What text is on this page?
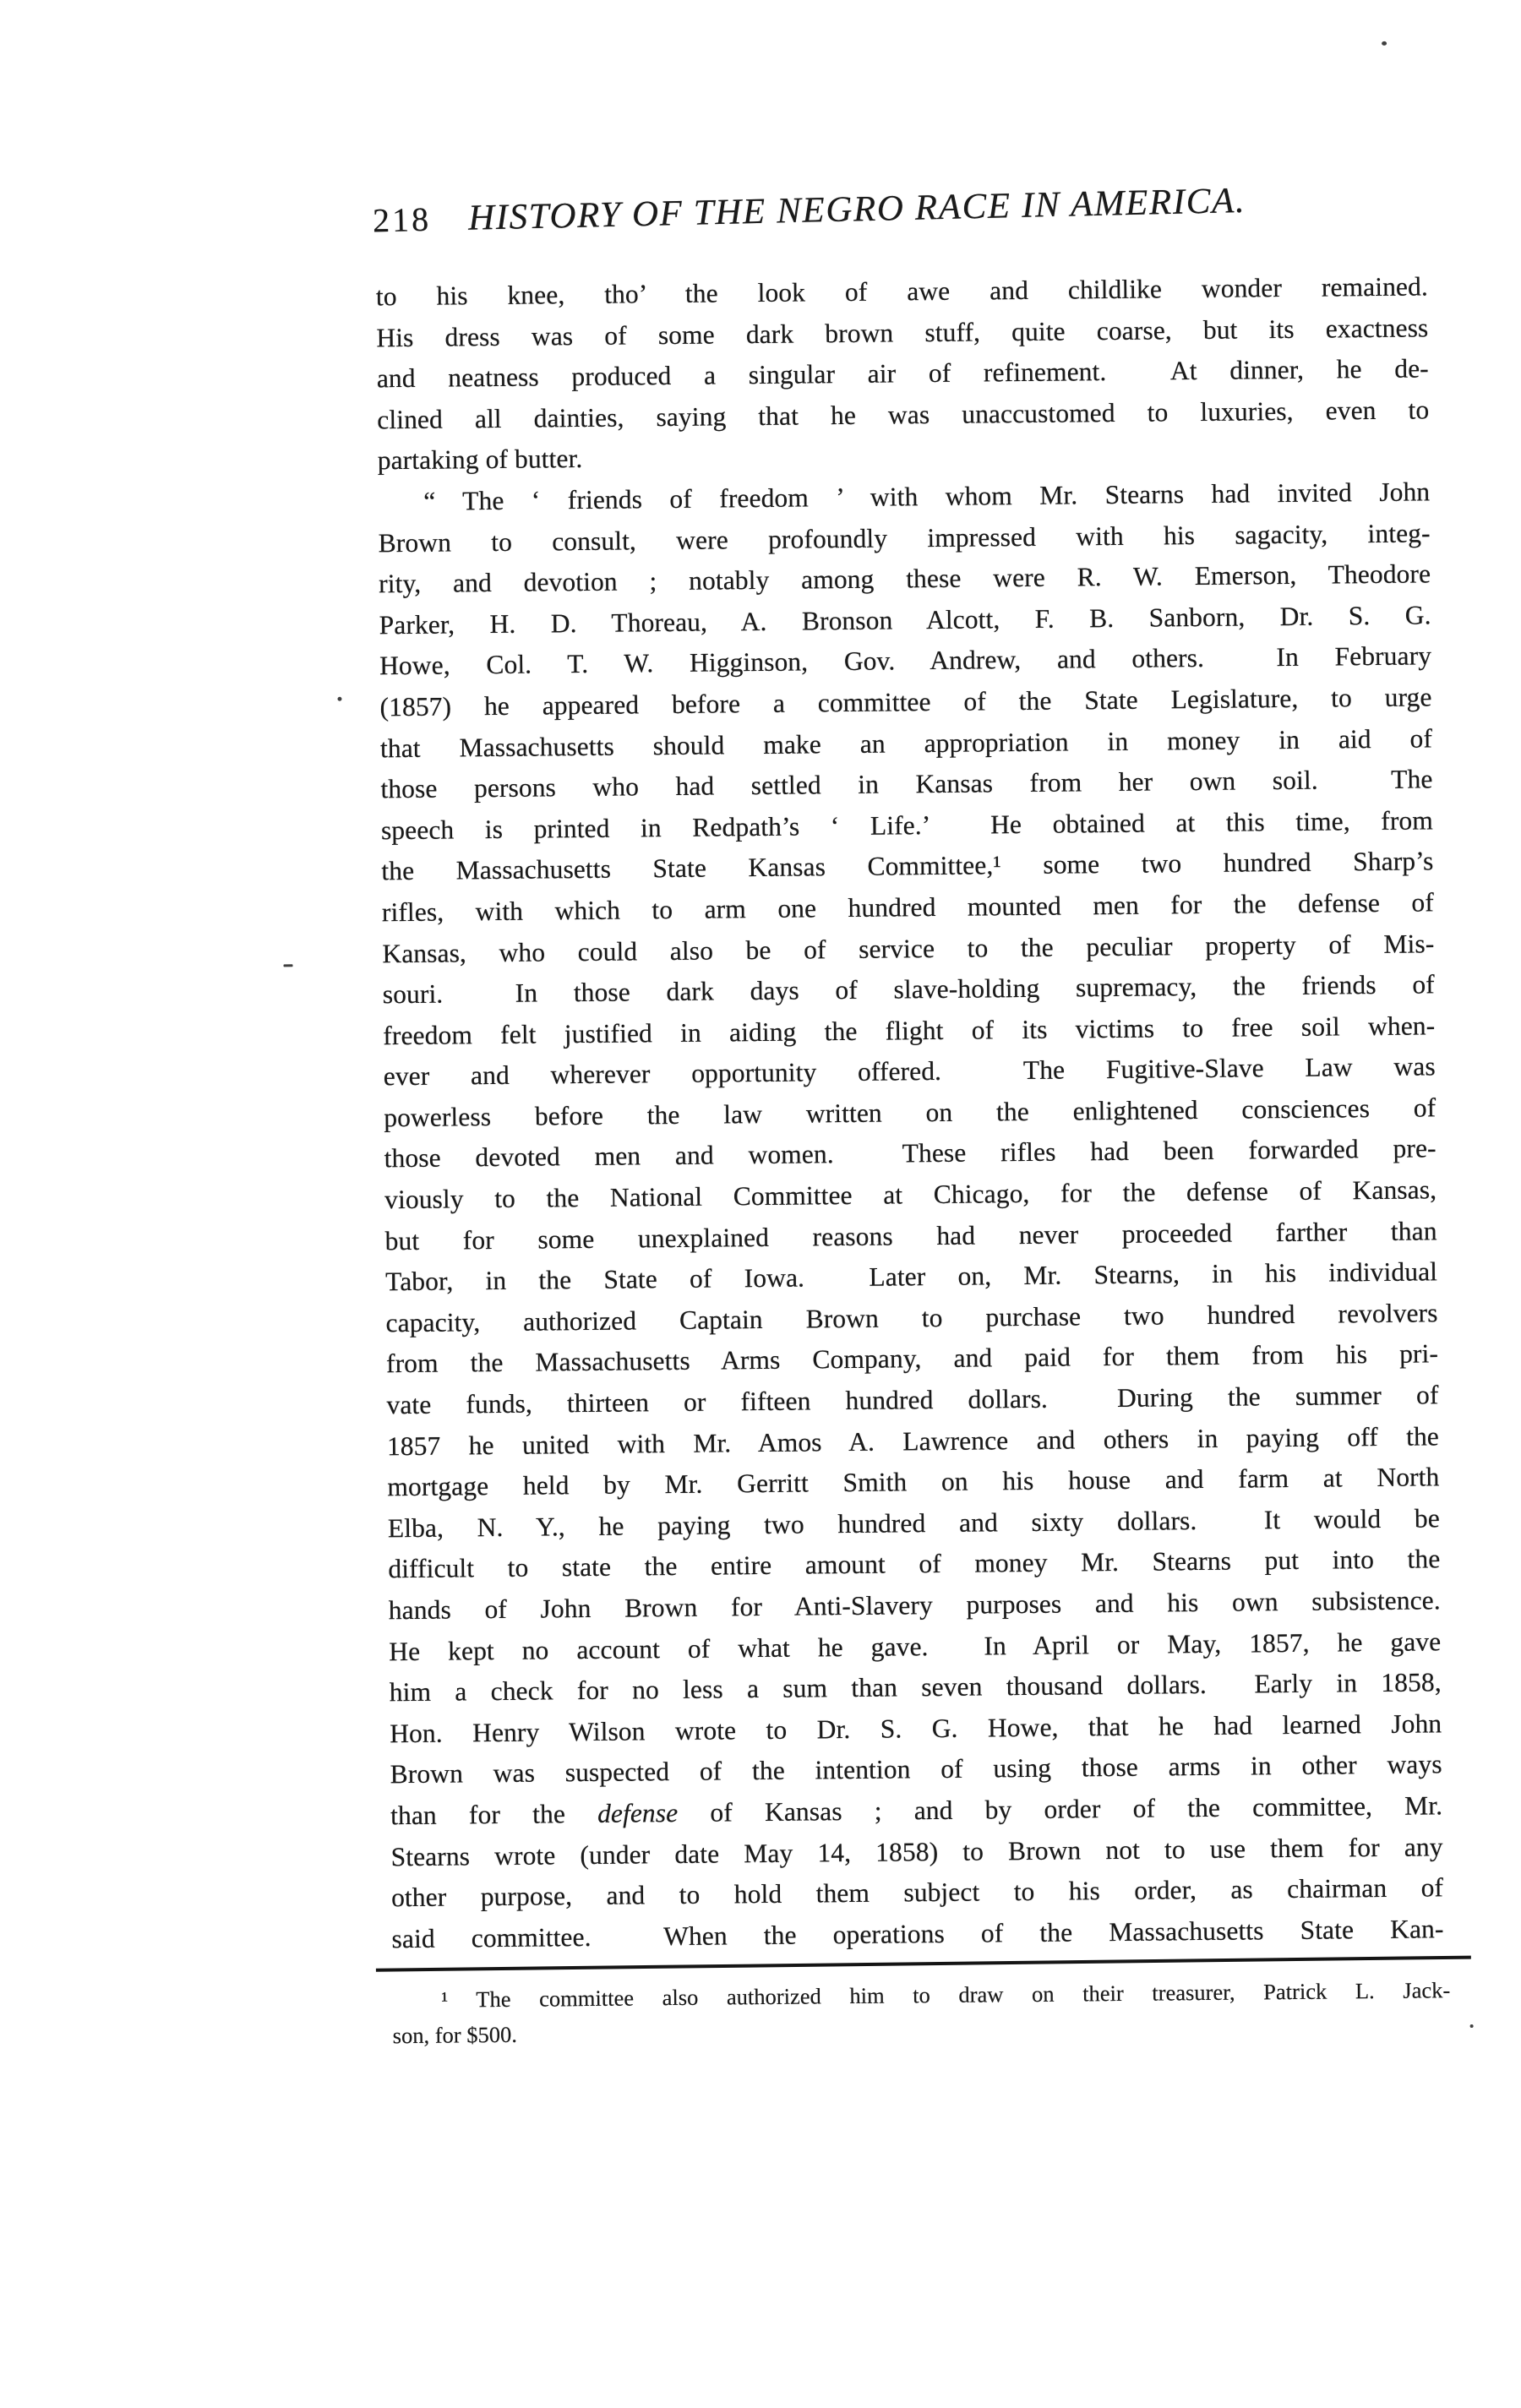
218 HISTORY OF THE NEGRO RACE IN AMERICA.
to his knee, tho’ the look of awe and childlike wonder remained.
His dress was of some dark brown stuff, quite coarse, but its exactness
and neatness produced a singular air of refinement.  At dinner, he de-
clined all dainties, saying that he was unaccustomed to luxuries, even to
partaking of butter.
“ The ‘ friends of freedom ’ with whom Mr. Stearns had invited John
Brown to consult, were profoundly impressed with his sagacity, integ-
rity, and devotion ; notably among these were R. W. Emerson, Theodore
Parker, H. D. Thoreau, A. Bronson Alcott, F. B. Sanborn, Dr. S. G.
Howe, Col. T. W. Higginson, Gov. Andrew, and others.  In February
(1857) he appeared before a committee of the State Legislature, to urge
that Massachusetts should make an appropriation in money in aid of
those persons who had settled in Kansas from her own soil.  The
speech is printed in Redpath’s ‘ Life.’  He obtained at this time, from
the Massachusetts State Kansas Committee,¹ some two hundred Sharp’s
rifles, with which to arm one hundred mounted men for the defense of
Kansas, who could also be of service to the peculiar property of Mis-
souri.  In those dark days of slave-holding supremacy, the friends of
freedom felt justified in aiding the flight of its victims to free soil when-
ever and wherever opportunity offered.  The Fugitive-Slave Law was
powerless before the law written on the enlightened consciences of
those devoted men and women.  These rifles had been forwarded pre-
viously to the National Committee at Chicago, for the defense of Kansas,
but for some unexplained reasons had never proceeded farther than
Tabor, in the State of Iowa.  Later on, Mr. Stearns, in his individual
capacity, authorized Captain Brown to purchase two hundred revolvers
from the Massachusetts Arms Company, and paid for them from his pri-
vate funds, thirteen or fifteen hundred dollars.  During the summer of
1857 he united with Mr. Amos A. Lawrence and others in paying off the
mortgage held by Mr. Gerritt Smith on his house and farm at North
Elba, N. Y., he paying two hundred and sixty dollars.  It would be
difficult to state the entire amount of money Mr. Stearns put into the
hands of John Brown for Anti-Slavery purposes and his own subsistence.
He kept no account of what he gave.  In April or May, 1857, he gave
him a check for no less a sum than seven thousand dollars.  Early in 1858,
Hon. Henry Wilson wrote to Dr. S. G. Howe, that he had learned John
Brown was suspected of the intention of using those arms in other ways
than for the defense of Kansas ; and by order of the committee, Mr.
Stearns wrote (under date May 14, 1858) to Brown not to use them for any
other purpose, and to hold them subject to his order, as chairman of
said committee.  When the operations of the Massachusetts State Kan-
¹ The committee also authorized him to draw on their treasurer, Patrick L. Jack-
son, for $500.
